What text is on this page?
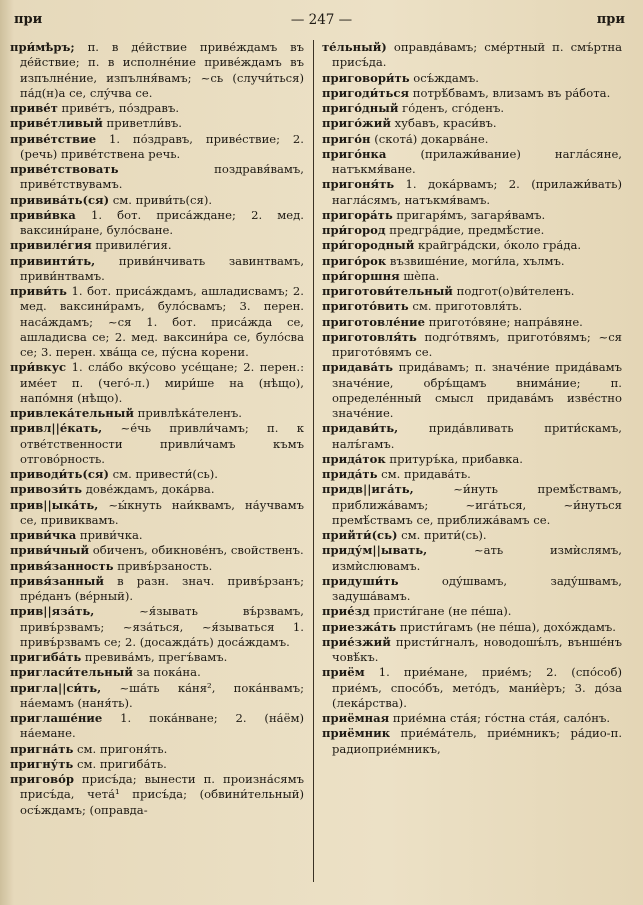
при	— 247 —	при

при́мѣръ; п. в де́йствие приве́ждамъ въ де́йствие; п. в исполне́ние приве́ждамъ въ изпълне́ние, изпълня́вамъ; ~сь (случи́ться) па́д(н)а се, слу́чва се.

приве́т приве́тъ, по́здравъ.

приве́тливый приветли́въ.

приве́тствие 1. по́здравъ, приве́ствие; 2. (речь) приве́тствена речь.

приве́тствовать поздравя́вамъ, приве́тствувамъ.

привива́ть(ся) см. приви́ть(ся).

приви́вка 1. бот. приса́ждане; 2. мед. ваксини́ране, було́сване.

привиле́гия привиле́гия.

привинти́ть, приви́нчивать завинтвамъ, приви́нтвамъ.

приви́ть 1. бот. приса́ждамъ, ашладисвамъ; 2. мед. ваксини́рамъ, було́свамъ; 3. перен. наса́ждамъ; ~ся 1. бот. приса́жда се, ашладисва се; 2. мед. ваксини́ра се, було́сва се; 3. перен. хва́ща се, пу́сна корени.

при́вкус 1. сла́бо вку́сово усе́щане; 2. перен.: име́ет п. (чего́-л.) мири́ше на (нѣщо), напо́мня (нѣщо).

привлека́тельный привлѣка́теленъ.

привл||е́кать, ~е́чь привли́чамъ; п. к отве́тственности привли́чамъ къмъ отгово́рность.

приводи́ть(ся) см. привести́(сь).

привози́ть дове́ждамъ, дока́рва.

прив||ыка́ть, ~ы́кнуть наи́квамъ, на́учвамъ се, привиквамъ.

приви́чка приви́чка.

приви́чный обиченъ, обикнове́нъ, свойственъ.

привя́занность привъ́рзаность.

привя́занный в разн. знач. привъ́рзанъ; пре́данъ (ве́рный).

прив||яза́ть, ~я́зывать въ́рзвамъ, привъ́рзвамъ; ~яза́ться, ~я́зываться 1. привъ́рзвамъ се; 2. (досажда́ть) доса́ждамъ.

пригиба́ть превива́мъ, прегъ́вамъ.

пригласи́тельный за пока́на.

пригла||си́ть, ~ша́ть ка́ня², пока́нвамъ; на́емамъ (наня́ть).

приглаше́ние 1. пока́нване; 2. (на́ём) на́емане.

пригна́ть см. пригоня́ть.

пригну́ть см. пригиба́ть.

пригово́р присъ́да; вынести п. произна́сямъ присъ́да, чета́¹ присъ́да; (обвини́тельный) осъ́ждамъ; (оправда-

те́льный) оправда́вамъ; сме́ртный п. смъ́ртна присъ́да.

приговори́ть осъ́ждамъ.

пригоди́ться потрѣ́бвамъ, влизамъ въ ра́бота.

приго́дный го́денъ, сго́денъ.

приго́жий хубавъ, краси́въ.

приго́н (скота́) докарва́не.

приго́нка (прилажи́вание) нагла́сяне, натъкмя́ване.

пригоня́ть 1. дока́рвамъ; 2. (прилажи́вать) нагла́сямъ, натъкмя́вамъ.

пригора́ть пригаря́мъ, загаря́вамъ.

при́город предгра́дие, предмѣ́стие.

при́городный крайгра́дски, о́коло гра́да.

приго́рок възвише́ние, моги́ла, хълмъ.

при́горшня шѐпа.

приготови́тельный подгот(о)ви́теленъ.

пригото́вить см. приготовля́ть.

приготовле́ние пригото́вяне; напра́вяне.

приготовля́ть подго́твямъ, пригото́вямъ; ~ся пригото́вямъ се.

придава́ть прида́вамъ; п. значе́ние прида́вамъ значе́ние, обръ́щамъ внима́ние; п. определе́нный смысл придава́мъ изве́стно значе́ние.

придави́ть, прида́вливать прити́скамъ, налъ́гамъ.

прида́ток притуръ́ка, прибавка.

прида́ть см. придава́ть.

придв||ига́ть, ~и́нуть премѣ́ствамъ, приближа́вамъ; ~ига́ться, ~и́нуться премѣ́ствамъ се, приближа́вамъ се.

прийти́(сь) см. прити́(сь).

приду́м||ывать, ~ать измѝслямъ, измѝслювамъ.

придуши́ть оду́швамъ, заду́швамъ, задуша́вамъ.

прие́зд присти́гане (не пе́ша).

приезжа́ть присти́гамъ (не пе́ша), дохо́ждамъ.

прие́зжий присти́гналъ, новодошъ́лъ, външе́нъ човѣ́къ.

приём 1. прие́мане, прие́мъ; 2. (спо́соб) прие́мъ, спосо́бъ, мето́дъ, мани́ѐръ; 3. до́за (лека́рства).

приёмная прие́мна ста́я; го́стна ста́я, сало́нъ.

приёмник прие́ма́тель, прие́мникъ; ра́дио-п. радиоприе́мникъ,
